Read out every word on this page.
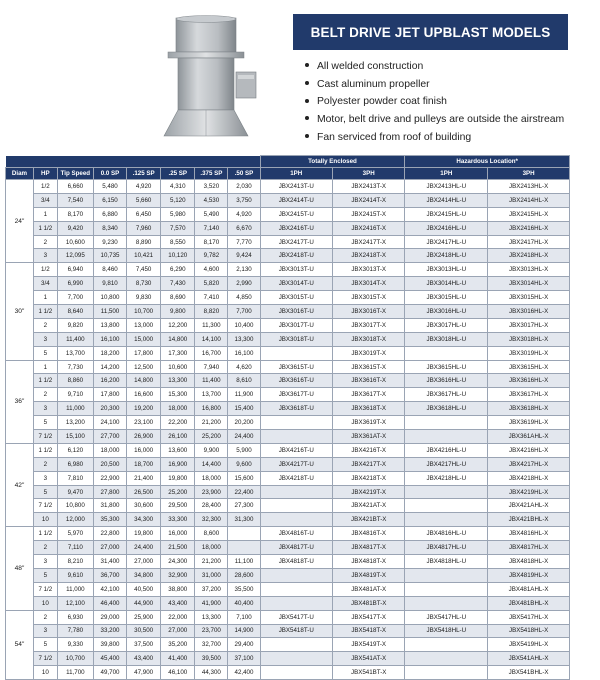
BELT DRIVE JET UPBLAST MODELS
All welded construction
Cast aluminum propeller
Polyester powder coat finish
Motor, belt drive and pulleys are outside the airstream
Fan serviced from roof of building
								Totally Enclosed		Hazardous Location*	
Diam	HP	Tip Speed	0.0 SP	.125 SP	.25 SP	.375 SP	.50 SP	1PH	3PH	1PH	3PH
24"	1/2	6,660	5,480	4,920	4,310	3,520	2,030	JBX2413T-U	JBX2413T-X	JBX2413HL-U	JBX2413HL-X
	3/4	7,540	6,150	5,660	5,120	4,530	3,750	JBX2414T-U	JBX2414T-X	JBX2414HL-U	JBX2414HL-X
	1	8,170	6,880	6,450	5,980	5,490	4,920	JBX2415T-U	JBX2415T-X	JBX2415HL-U	JBX2415HL-X
	1 1/2	9,420	8,340	7,960	7,570	7,140	6,670	JBX2416T-U	JBX2416T-X	JBX2416HL-U	JBX2416HL-X
	2	10,600	9,230	8,890	8,550	8,170	7,770	JBX2417T-U	JBX2417T-X	JBX2417HL-U	JBX2417HL-X
	3	12,095	10,735	10,421	10,120	9,782	9,424	JBX2418T-U	JBX2418T-X	JBX2418HL-U	JBX2418HL-X
30"	1/2	6,940	8,460	7,450	6,290	4,600	2,130	JBX3013T-U	JBX3013T-X	JBX3013HL-U	JBX3013HL-X
	3/4	6,990	9,810	8,730	7,430	5,820	2,990	JBX3014T-U	JBX3014T-X	JBX3014HL-U	JBX3014HL-X
	1	7,700	10,800	9,830	8,690	7,410	4,850	JBX3015T-U	JBX3015T-X	JBX3015HL-U	JBX3015HL-X
	1 1/2	8,640	11,500	10,700	9,800	8,820	7,700	JBX3016T-U	JBX3016T-X	JBX3016HL-U	JBX3016HL-X
	2	9,820	13,800	13,000	12,200	11,300	10,400	JBX3017T-U	JBX3017T-X	JBX3017HL-U	JBX3017HL-X
	3	11,400	16,100	15,000	14,800	14,100	13,300	JBX3018T-U	JBX3018T-X	JBX3018HL-U	JBX3018HL-X
	5	13,700	18,200	17,800	17,300	16,700	16,100		JBX3019T-X		JBX3019HL-X
36"	1	7,730	14,200	12,500	10,600	7,940	4,620	JBX3615T-U	JBX3615T-X	JBX3615HL-U	JBX3615HL-X
	1 1/2	8,860	16,200	14,800	13,300	11,400	8,610	JBX3616T-U	JBX3616T-X	JBX3616HL-U	JBX3616HL-X
	2	9,710	17,800	16,600	15,300	13,700	11,900	JBX3617T-U	JBX3617T-X	JBX3617HL-U	JBX3617HL-X
	3	11,000	20,300	19,200	18,000	16,800	15,400	JBX3618T-U	JBX3618T-X	JBX3618HL-U	JBX3618HL-X
	5	13,200	24,100	23,100	22,200	21,200	20,200		JBX3619T-X		JBX3619HL-X
	7 1/2	15,100	27,700	26,900	26,100	25,200	24,400		JBX361AT-X		JBX361AHL-X
42"	1 1/2	6,120	18,000	16,000	13,600	9,900	5,900	JBX4216T-U	JBX4216T-X	JBX4216HL-U	JBX4216HL-X
	2	6,980	20,500	18,700	16,900	14,400	9,600	JBX4217T-U	JBX4217T-X	JBX4217HL-U	JBX4217HL-X
	3	7,810	22,900	21,400	19,800	18,000	15,600	JBX4218T-U	JBX4218T-X	JBX4218HL-U	JBX4218HL-X
	5	9,470	27,800	26,500	25,200	23,900	22,400		JBX4219T-X		JBX4219HL-X
	7 1/2	10,800	31,800	30,600	29,500	28,400	27,300		JBX421AT-X		JBX421AHL-X
	10	12,000	35,300	34,300	33,300	32,300	31,300		JBX421BT-X		JBX421BHL-X
48"	1 1/2	5,970	22,800	19,800	16,000	8,600		JBX4816T-U	JBX4816T-X	JBX4816HL-U	JBX4816HL-X
	2	7,110	27,000	24,400	21,500	18,000		JBX4817T-U	JBX4817T-X	JBX4817HL-U	JBX4817HL-X
	3	8,210	31,400	27,000	24,300	21,200	11,100	JBX4818T-U	JBX4818T-X	JBX4818HL-U	JBX4818HL-X
	5	9,610	36,700	34,800	32,900	31,000	28,600		JBX4819T-X		JBX4819HL-X
	7 1/2	11,000	42,100	40,500	38,800	37,200	35,500		JBX481AT-X		JBX481AHL-X
	10	12,100	46,400	44,900	43,400	41,900	40,400		JBX481BT-X		JBX481BHL-X
54"	2	6,930	29,000	25,900	22,000	13,300	7,100	JBX5417T-U	JBX5417T-X	JBX5417HL-U	JBX5417HL-X
	3	7,780	33,200	30,500	27,000	23,700	14,900	JBX5418T-U	JBX5418T-X	JBX5418HL-U	JBX5418HL-X
	5	9,330	39,800	37,500	35,200	32,700	29,400		JBX5419T-X		JBX5419HL-X
	7 1/2	10,700	45,400	43,400	41,400	39,500	37,100		JBX541AT-X		JBX541AHL-X
	10	11,700	49,700	47,900	46,100	44,300	42,400		JBX541BT-X		JBX541BHL-X
